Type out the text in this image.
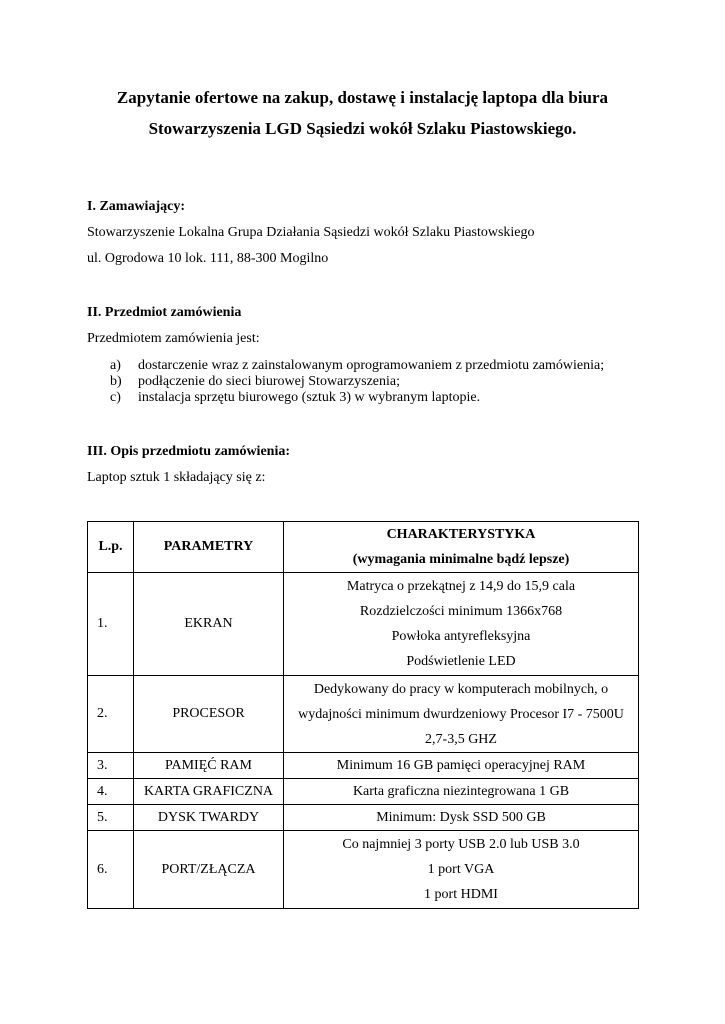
Zapytanie ofertowe na zakup, dostawę i instalację laptopa dla biura
Stowarzyszenia LGD Sąsiedzi wokół Szlaku Piastowskiego.
I. Zamawiający:
Stowarzyszenie Lokalna Grupa Działania Sąsiedzi wokół Szlaku Piastowskiego
ul. Ogrodowa 10 lok. 111, 88-300 Mogilno
II. Przedmiot zamówienia
Przedmiotem zamówienia jest:
a) dostarczenie wraz z zainstalowanym oprogramowaniem z przedmiotu zamówienia;
b) podłączenie do sieci biurowej Stowarzyszenia;
c) instalacja sprzętu biurowego (sztuk 3) w wybranym laptopie.
III. Opis przedmiotu zamówienia:
Laptop sztuk 1 składający się z:
L.p.	PARAMETRY	CHARAKTERYSTYKA
(wymagania minimalne bądź lepsze)

1.	EKRAN	Matryca o przekątnej z 14,9 do 15,9 cala
Rozdzielczości minimum 1366x768
Powłoka antyrefleksyjna
Podświetlenie LED

2.	PROCESOR	Dedykowany do pracy w komputerach mobilnych, o
wydajności minimum dwurdzeniowy Procesor I7 - 7500U
2,7-3,5 GHZ

3.	PAMIĘĆ RAM	Minimum 16 GB pamięci operacyjnej RAM

4.	KARTA GRAFICZNA	Karta graficzna niezintegrowana 1 GB

5.	DYSK TWARDY	Minimum: Dysk SSD 500 GB

6.	PORT/ZŁĄCZA	Co najmniej 3 porty USB 2.0 lub USB 3.0
1 port VGA
1 port HDMI
